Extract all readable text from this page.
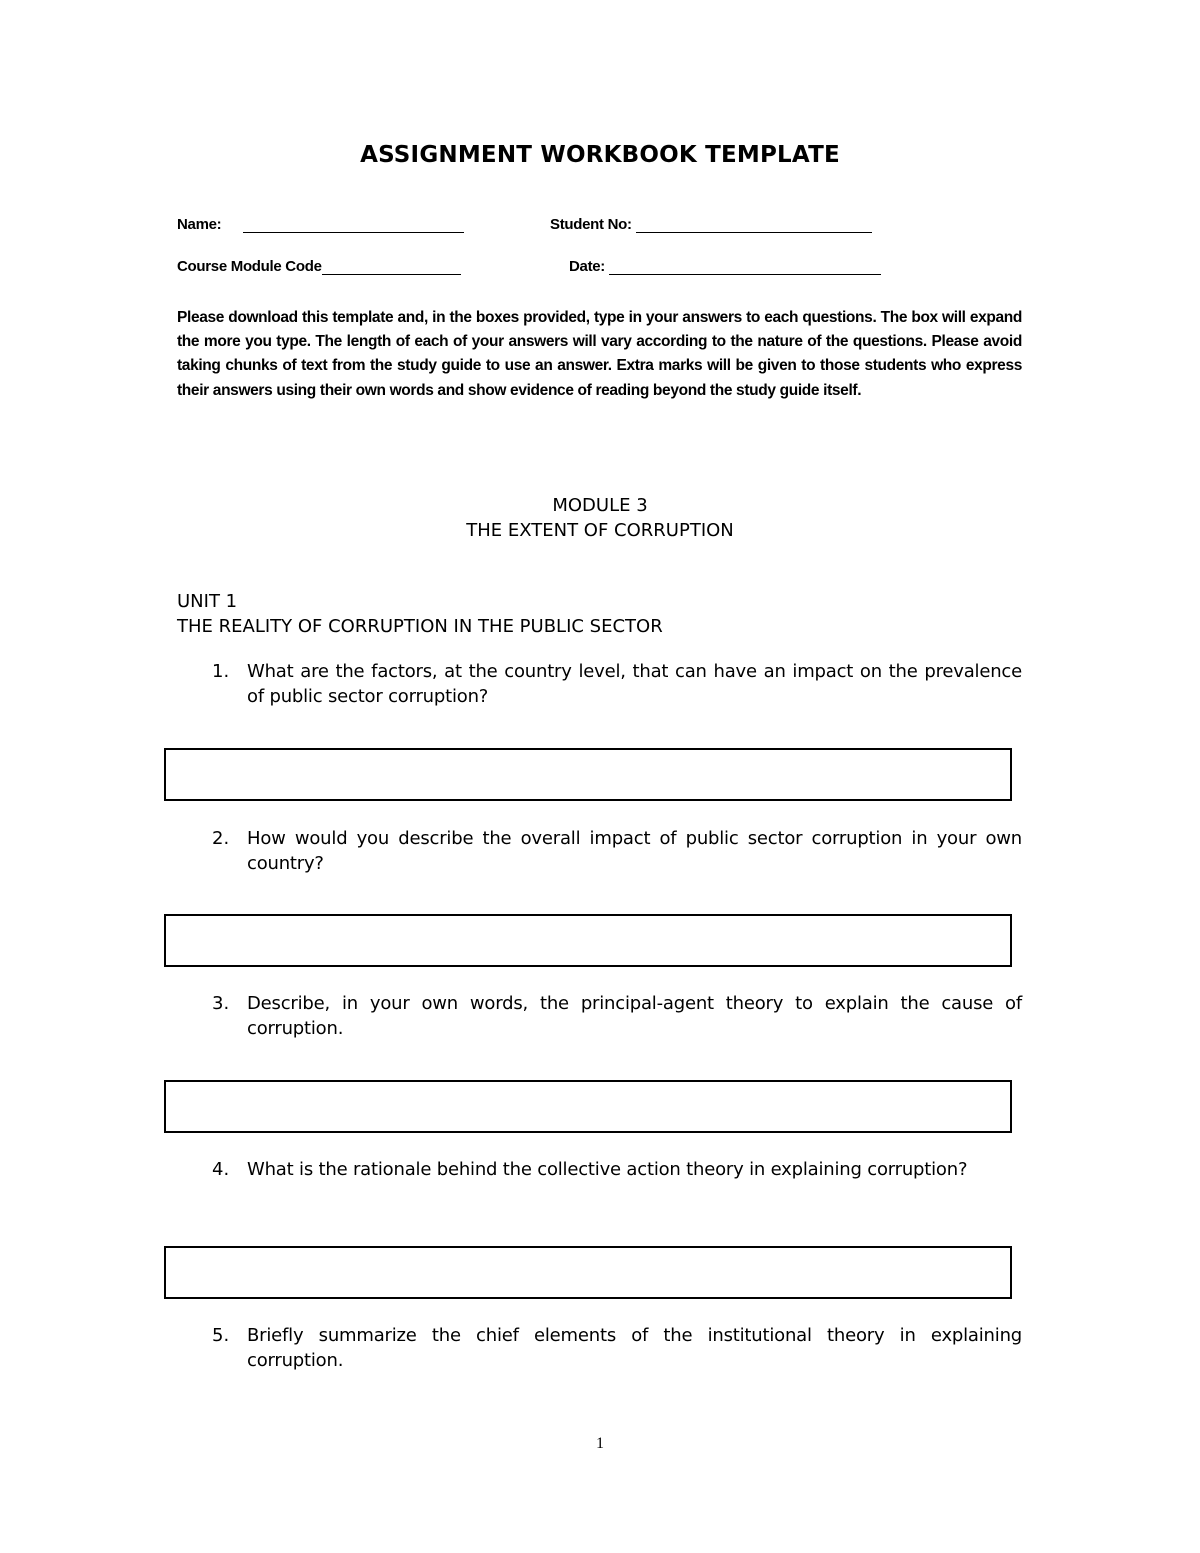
ASSIGNMENT WORKBOOK TEMPLATE
Name:	Student No:
Course Module Code	Date:

Please download this template and, in the boxes provided, type in your answers to each questions. The box will expand the more you type. The length of each of your answers will vary according to the nature of the questions. Please avoid taking chunks of text from the study guide to use an answer. Extra marks will be given to those students who express their answers using their own words and show evidence of reading beyond the study guide itself.

MODULE 3
THE EXTENT OF CORRUPTION
UNIT 1
THE REALITY OF CORRUPTION IN THE PUBLIC SECTOR
1. What are the factors, at the country level, that can have an impact on the prevalence of public sector corruption?
2. How would you describe the overall impact of public sector corruption in your own country?
3. Describe, in your own words, the principal-agent theory to explain the cause of corruption.
4. What is the rationale behind the collective action theory in explaining corruption?
5. Briefly summarize the chief elements of the institutional theory in explaining corruption.
1
